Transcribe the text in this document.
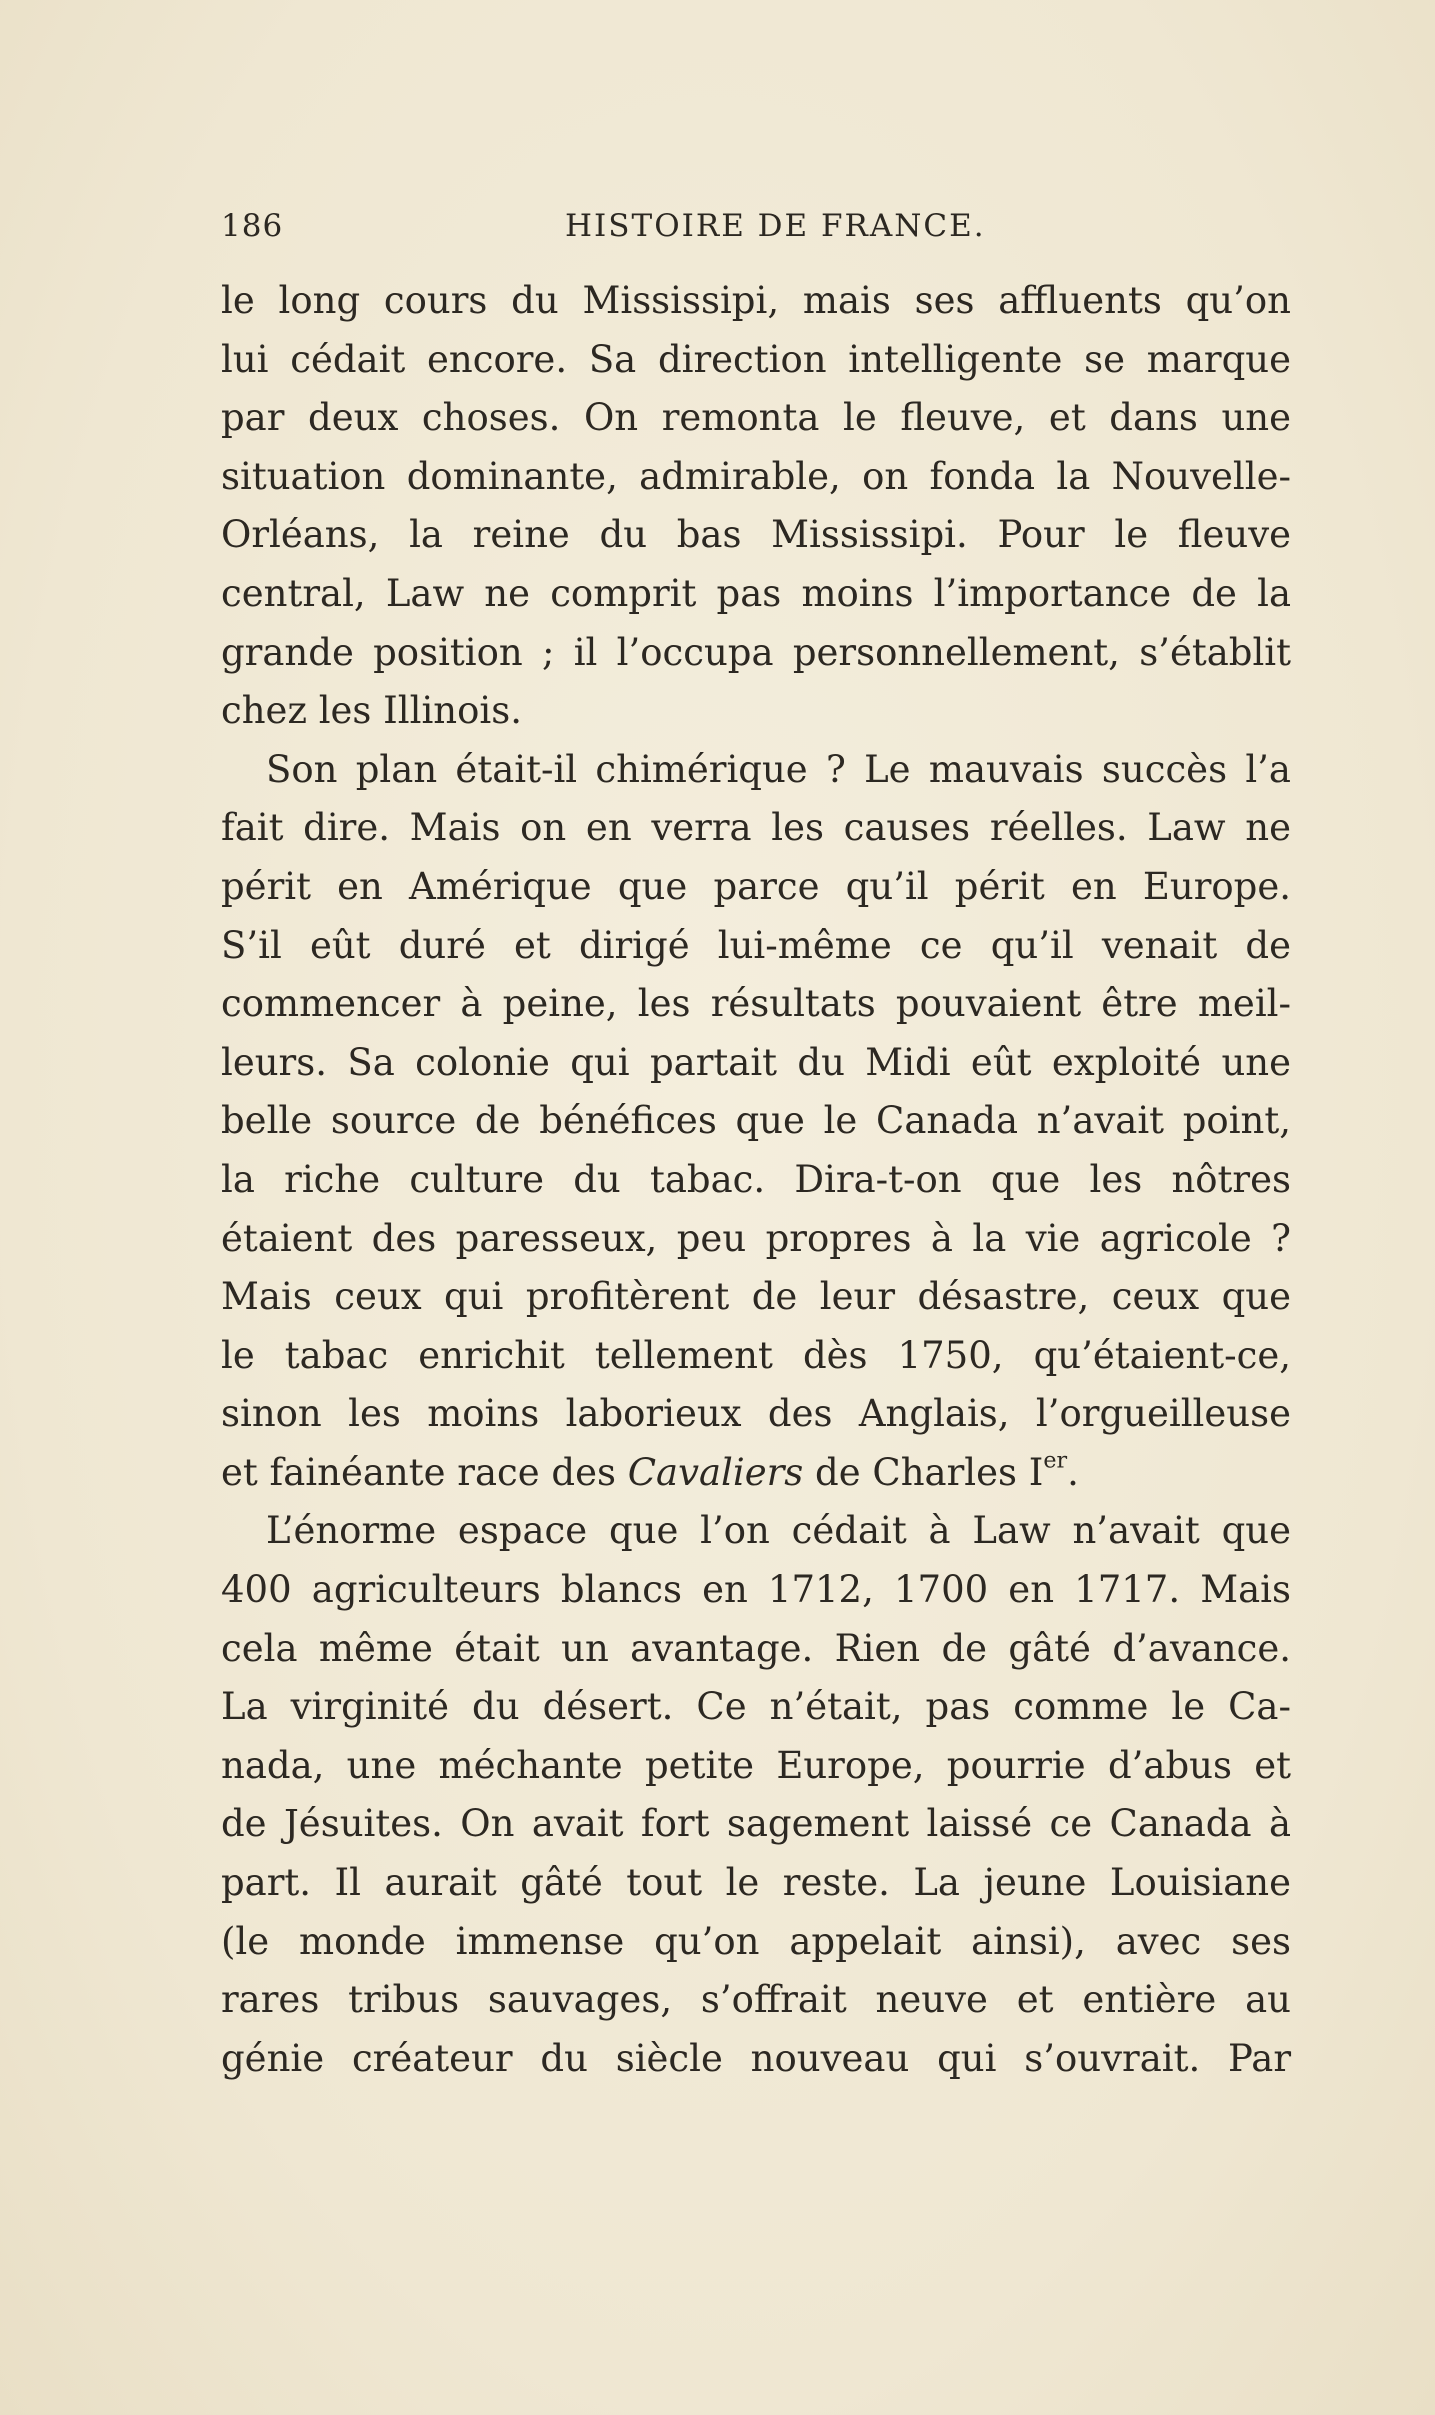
186	HISTOIRE DE FRANCE.
le long cours du Mississipi, mais ses affluents qu’on
lui cédait encore. Sa direction intelligente se marque
par deux choses. On remonta le fleuve, et dans une
situation dominante, admirable, on fonda la Nouvelle-
Orléans, la reine du bas Mississipi. Pour le fleuve
central, Law ne comprit pas moins l’importance de la
grande position ; il l’occupa personnellement, s’établit
chez les Illinois.
Son plan était-il chimérique ? Le mauvais succès l’a
fait dire. Mais on en verra les causes réelles. Law ne
périt en Amérique que parce qu’il périt en Europe.
S’il eût duré et dirigé lui-même ce qu’il venait de
commencer à peine, les résultats pouvaient être meil-
leurs. Sa colonie qui partait du Midi eût exploité une
belle source de bénéfices que le Canada n’avait point,
la riche culture du tabac. Dira-t-on que les nôtres
étaient des paresseux, peu propres à la vie agricole ?
Mais ceux qui profitèrent de leur désastre, ceux que
le tabac enrichit tellement dès 1750, qu’étaient-ce,
sinon les moins laborieux des Anglais, l’orgueilleuse
et fainéante race des Cavaliers de Charles Ier.
L’énorme espace que l’on cédait à Law n’avait que
400 agriculteurs blancs en 1712, 1700 en 1717. Mais
cela même était un avantage. Rien de gâté d’avance.
La virginité du désert. Ce n’était, pas comme le Ca-
nada, une méchante petite Europe, pourrie d’abus et
de Jésuites. On avait fort sagement laissé ce Canada à
part. Il aurait gâté tout le reste. La jeune Louisiane
(le monde immense qu’on appelait ainsi), avec ses
rares tribus sauvages, s’offrait neuve et entière au
génie créateur du siècle nouveau qui s’ouvrait. Par
